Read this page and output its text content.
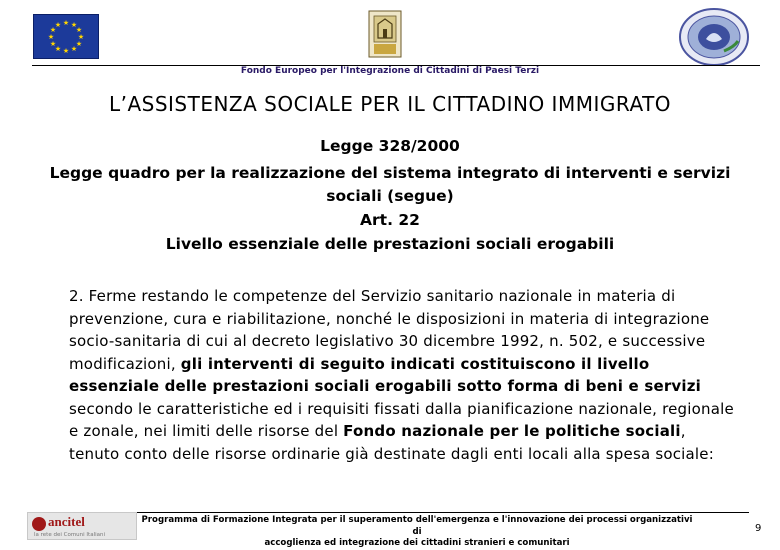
★ ★
★
★
★
★
★
★
★
★
★
★
Fondo Europeo per l'Integrazione di Cittadini di Paesi Terzi
L’ASSISTENZA SOCIALE PER IL CITTADINO IMMIGRATO
Legge 328/2000
Legge quadro per la realizzazione del sistema integrato di interventi e servizi
sociali (segue)
Art. 22
Livello essenziale delle prestazioni sociali erogabili
2. Ferme restando le competenze del Servizio sanitario nazionale in materia di prevenzione, cura e riabilitazione, nonché le disposizioni in materia di integrazione socio-sanitaria di cui al decreto legislativo 30 dicembre 1992, n. 502, e successive modificazioni, gli interventi di seguito indicati costituiscono il livello essenziale delle prestazioni sociali erogabili sotto forma di beni e servizi secondo le caratteristiche ed i requisiti fissati dalla pianificazione nazionale, regionale e zonale, nei limiti delle risorse del Fondo nazionale per le politiche sociali, tenuto conto delle risorse ordinarie già destinate dagli enti locali alla spesa sociale:
ancitel
la rete dei Comuni Italiani
Programma di Formazione Integrata per il superamento dell'emergenza e l'innovazione dei processi organizzativi di
accoglienza ed integrazione dei cittadini stranieri e comunitari
9
